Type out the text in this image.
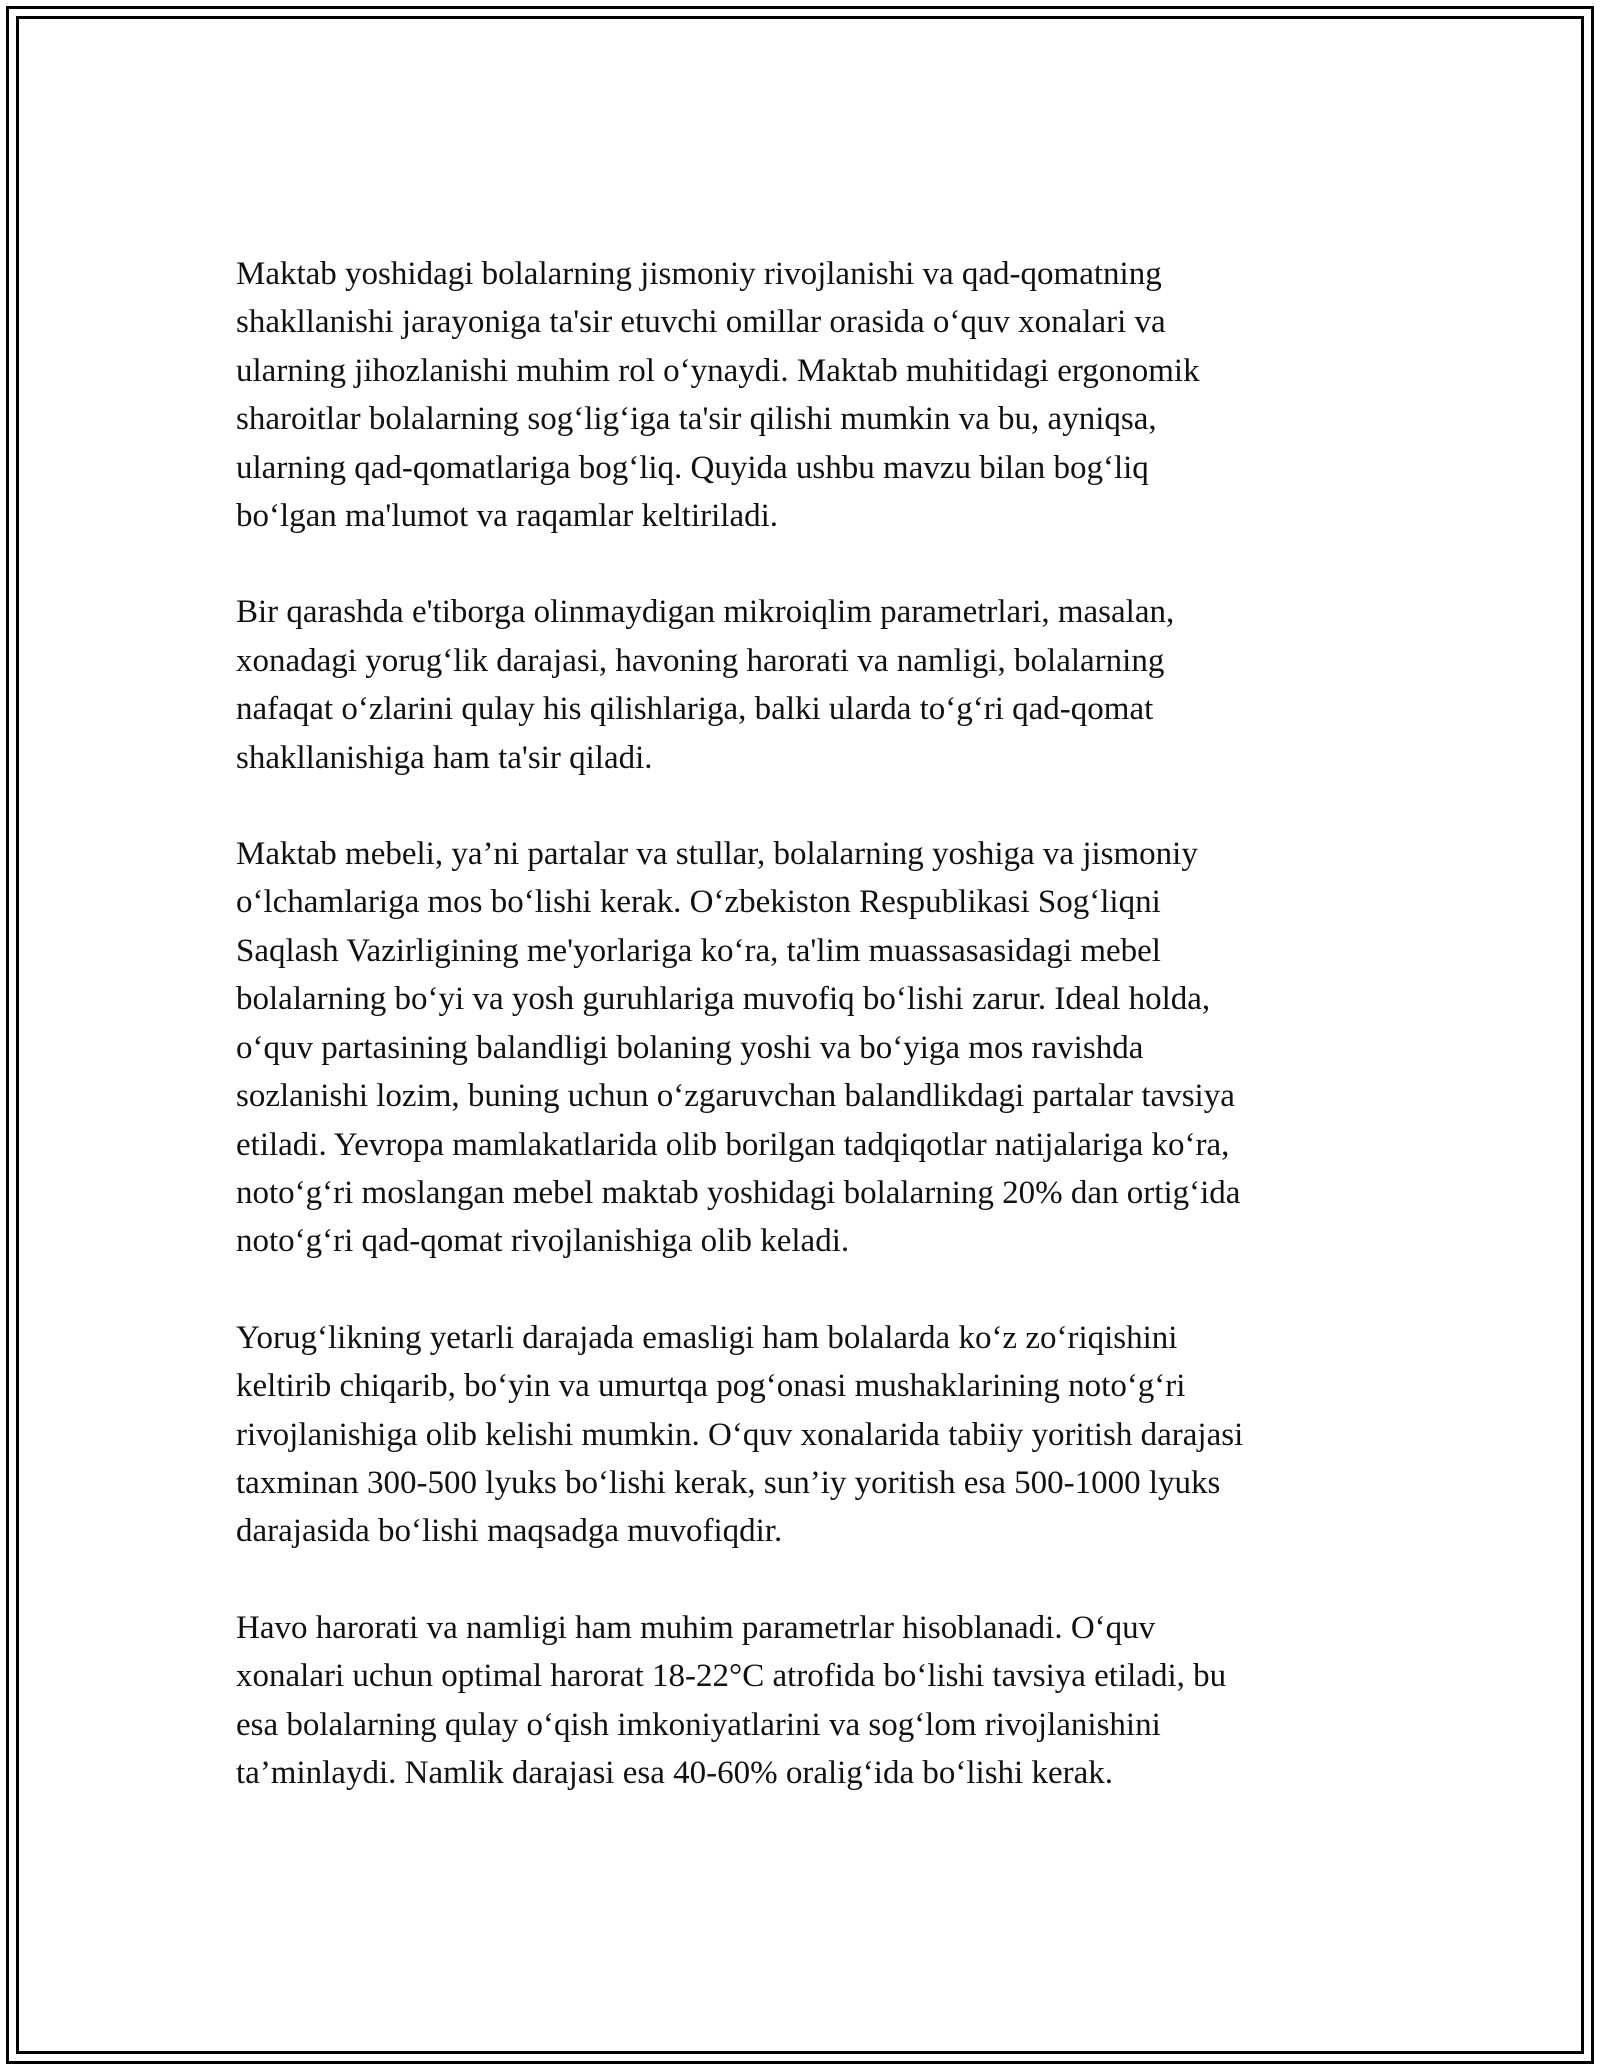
Maktab yoshidagi bolalarning jismoniy rivojlanishi va qad-qomatning
shakllanishi jarayoniga ta'sir etuvchi omillar orasida oʻquv xonalari va
ularning jihozlanishi muhim rol oʻynaydi. Maktab muhitidagi ergonomik
sharoitlar bolalarning sogʻligʻiga ta'sir qilishi mumkin va bu, ayniqsa,
ularning qad-qomatlariga bogʻliq. Quyida ushbu mavzu bilan bogʻliq
boʻlgan ma'lumot va raqamlar keltiriladi.

Bir qarashda e'tiborga olinmaydigan mikroiqlim parametrlari, masalan,
xonadagi yorugʻlik darajasi, havoning harorati va namligi, bolalarning
nafaqat oʻzlarini qulay his qilishlariga, balki ularda toʻgʻri qad-qomat
shakllanishiga ham ta'sir qiladi.

Maktab mebeli, ya’ni partalar va stullar, bolalarning yoshiga va jismoniy
oʻlchamlariga mos boʻlishi kerak. Oʻzbekiston Respublikasi Sogʻliqni
Saqlash Vazirligining me'yorlariga koʻra, ta'lim muassasasidagi mebel
bolalarning boʻyi va yosh guruhlariga muvofiq boʻlishi zarur. Ideal holda,
oʻquv partasining balandligi bolaning yoshi va boʻyiga mos ravishda
sozlanishi lozim, buning uchun oʻzgaruvchan balandlikdagi partalar tavsiya
etiladi. Yevropa mamlakatlarida olib borilgan tadqiqotlar natijalariga koʻra,
notoʻgʻri moslangan mebel maktab yoshidagi bolalarning 20% dan ortigʻida
notoʻgʻri qad-qomat rivojlanishiga olib keladi.

Yorugʻlikning yetarli darajada emasligi ham bolalarda koʻz zoʻriqishini
keltirib chiqarib, boʻyin va umurtqa pogʻonasi mushaklarining notoʻgʻri
rivojlanishiga olib kelishi mumkin. Oʻquv xonalarida tabiiy yoritish darajasi
taxminan 300-500 lyuks boʻlishi kerak, sun’iy yoritish esa 500-1000 lyuks
darajasida boʻlishi maqsadga muvofiqdir.

Havo harorati va namligi ham muhim parametrlar hisoblanadi. Oʻquv
xonalari uchun optimal harorat 18-22°C atrofida boʻlishi tavsiya etiladi, bu
esa bolalarning qulay oʻqish imkoniyatlarini va sogʻlom rivojlanishini
ta’minlaydi. Namlik darajasi esa 40-60% oraligʻida boʻlishi kerak.
